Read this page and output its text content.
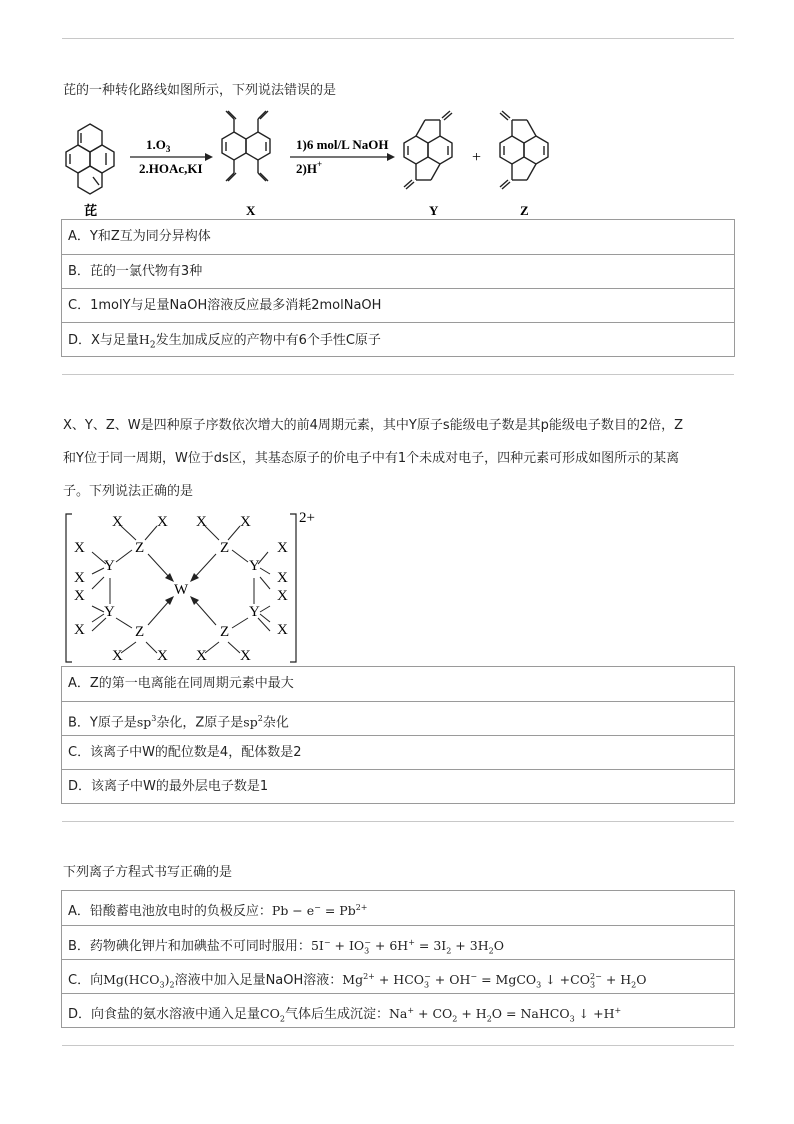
芘的一种转化路线如图所示，下列说法错误的是
芘
$1.O_3$
2.HOAc,KI
X
1)6 mol/L NaOH
2)H+
Y
+
Z
A．Y和Z互为同分异构体
B．芘的一氯代物有3种
C．1molY与足量NaOH溶液反应最多消耗2molNaOH
D．X与足量$H_2$发生加成反应的产物中有6个手性C原子
X、Y、Z、W是四种原子序数依次增大的前4周期元素，其中Y原子s能级电子数是其p能级电子数目的2倍，Z
和Y位于同一周期，W位于ds区，其基态原子的价电子中有1个未成对电子，四种元素可形成如图所示的某离
子。下列说法正确的是
2+
X X X X
Z	Z
X	X
Y	Y
X	X
X	X
W
Y	Y
X	X
Z	Z
X X X X
A．Z的第一电离能在同周期元素中最大
B．Y原子是$sp^3$杂化，Z原子是$sp^2$杂化
C．该离子中W的配位数是4，配体数是2
D．该离子中W的最外层电子数是1
下列离子方程式书写正确的是
A．铅酸蓄电池放电时的负极反应：$Pb - e^- = Pb^{2+}$
B．药物碘化钾片和加碘盐不可同时服用：$5I^- + IO_3^- + 6H^+ = 3I_2 + 3H_2O$
C．向$Mg(HCO_3)_2$溶液中加入足量NaOH溶液：$Mg^{2+} + HCO_3^- + OH^-$ = MgCO$_3$ ↓ $+CO_3^{2-} + H_2O$
D．向食盐的氨水溶液中通入足量$CO_2$气体后生成沉淀：$Na^+ + CO_2 + H_2O$ = NaHCO$_3$ ↓ +H+
